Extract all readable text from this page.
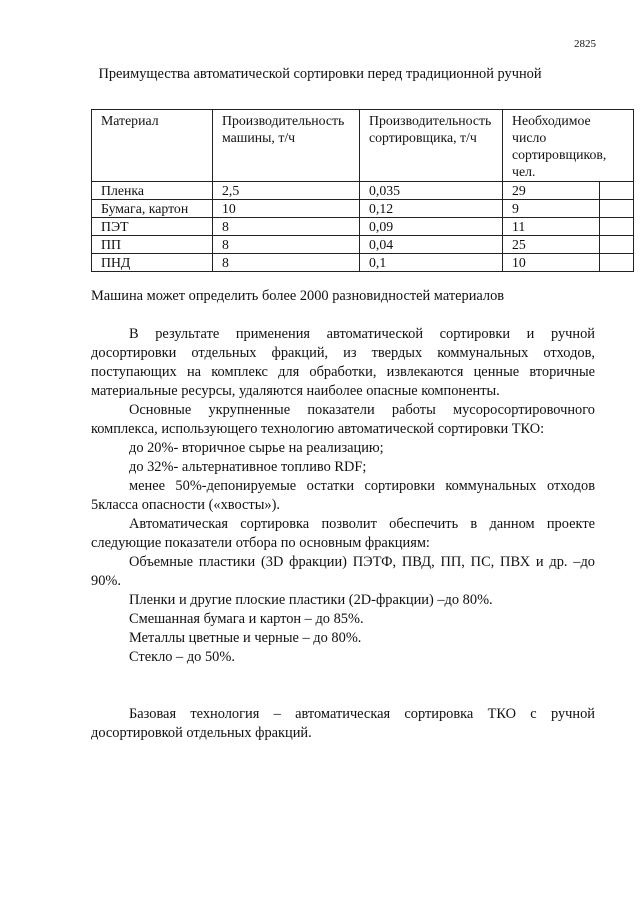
2825
Преимущества автоматической сортировки перед традиционной ручной
Материал	Производительность машины, т/ч	Производительность сортировщика, т/ч	Необходимое число сортировщиков, чел.	

Пленка	2,5	0,035	29	
Бумага, картон	10	0,12	9	
ПЭТ	8	0,09	11	
ПП	8	0,04	25	
ПНД	8	0,1	10	
Машина может определить более 2000 разновидностей материалов

В результате применения автоматической сортировки и ручной досортировки отдельных фракций, из твердых коммунальных отходов, поступающих на комплекс для обработки, извлекаются ценные вторичные материальные ресурсы, удаляются наиболее опасные компоненты.

Основные укрупненные показатели работы мусоросортировочного комплекса, использующего технологию автоматической сортировки ТКО:

до 20%- вторичное сырье на реализацию;

до 32%- альтернативное топливо RDF;

менее 50%-депонируемые остатки сортировки коммунальных отходов 5класса опасности («хвосты»).

Автоматическая сортировка позволит обеспечить в данном проекте следующие показатели отбора по основным фракциям:

Объемные пластики (3D фракции) ПЭТФ, ПВД, ПП, ПС, ПВХ и др. –до 90%.

Пленки и другие плоские пластики (2D-фракции) –до 80%.

Смешанная бумага и картон – до 85%.

Металлы цветные и черные – до 80%.

Стекло – до 50%.

Базовая технология – автоматическая сортировка ТКО с ручной досортировкой отдельных фракций.
